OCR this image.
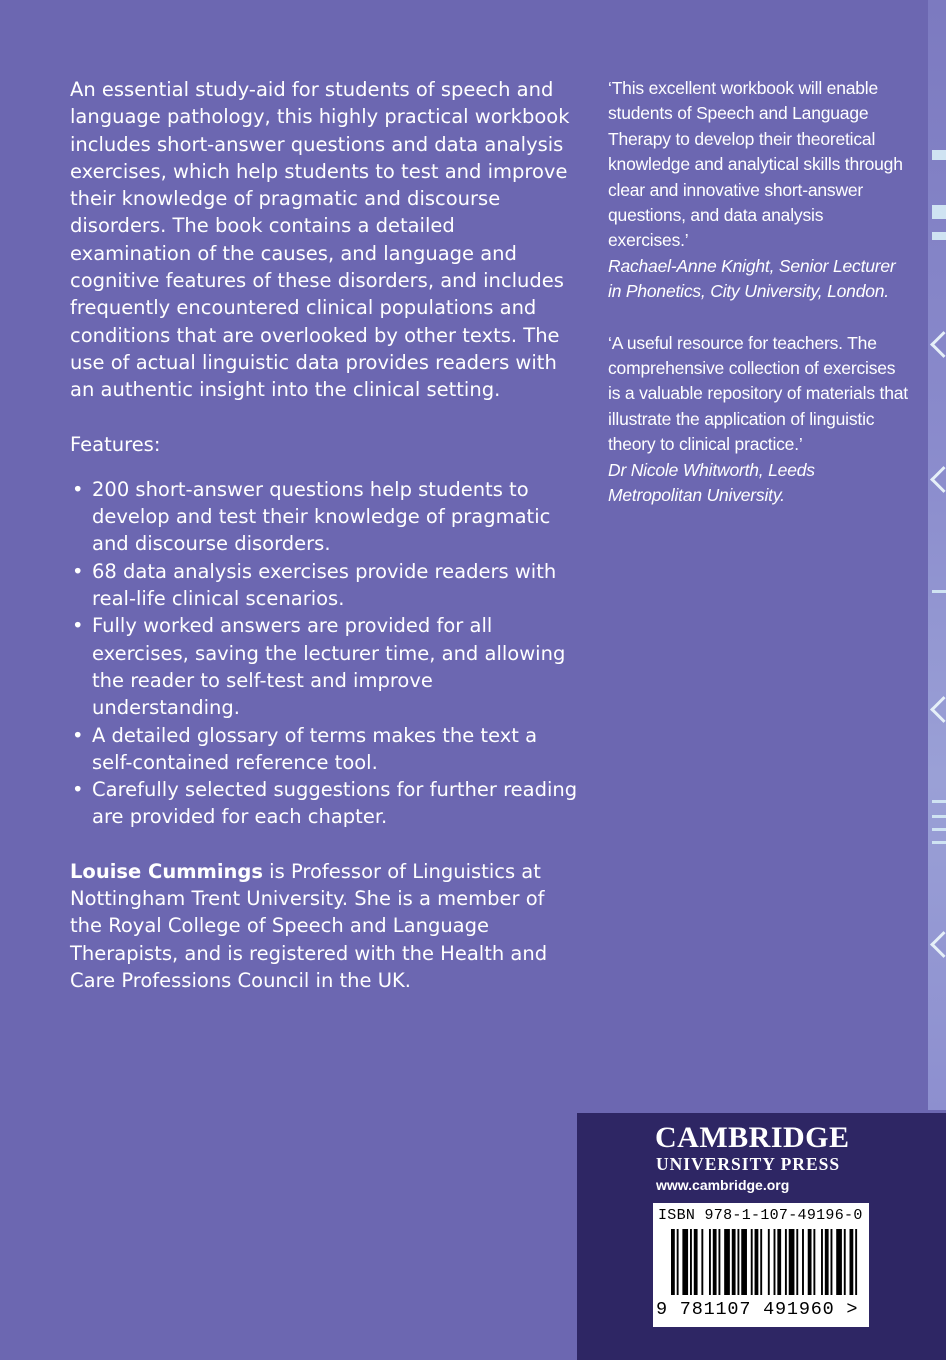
An essential study-aid for students of speech and language pathology, this highly practical workbook includes short-answer questions and data analysis exercises, which help students to test and improve their knowledge of pragmatic and discourse disorders. The book contains a detailed examination of the causes, and language and cognitive features of these disorders, and includes frequently encountered clinical populations and conditions that are overlooked by other texts. The use of actual linguistic data provides readers with an authentic insight into the clinical setting.

Features:

• 200 short-answer questions help students to develop and test their knowledge of pragmatic and discourse disorders.
• 68 data analysis exercises provide readers with real-life clinical scenarios.
• Fully worked answers are provided for all exercises, saving the lecturer time, and allowing the reader to self-test and improve understanding.
• A detailed glossary of terms makes the text a self-contained reference tool.
• Carefully selected suggestions for further reading are provided for each chapter.

Louise Cummings is Professor of Linguistics at Nottingham Trent University. She is a member of the Royal College of Speech and Language Therapists, and is registered with the Health and Care Professions Council in the UK.

‘This excellent workbook will enable students of Speech and Language Therapy to develop their theoretical knowledge and analytical skills through clear and innovative short-answer questions, and data analysis exercises.’

Rachael-Anne Knight, Senior Lecturer in Phonetics, City University, London.

‘A useful resource for teachers. The comprehensive collection of exercises is a valuable repository of materials that illustrate the application of linguistic theory to clinical practice.’

Dr Nicole Whitworth, Leeds Metropolitan University.

CAMBRIDGE
UNIVERSITY PRESS
www.cambridge.org
ISBN 978-1-107-49196-0
9 781107 491960 >
